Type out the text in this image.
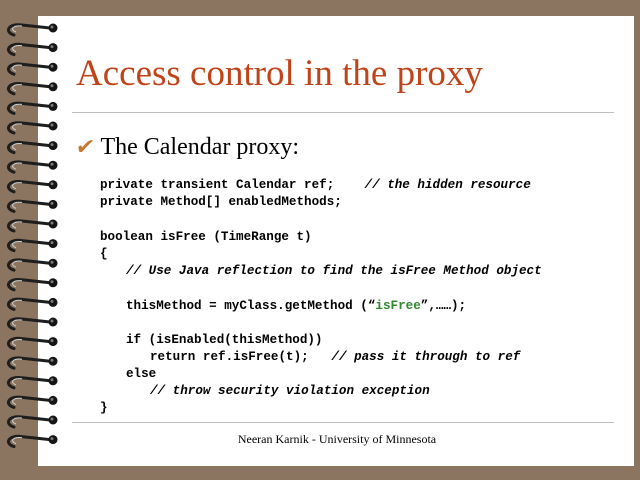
Access control in the proxy
✔ The Calendar proxy:
private transient Calendar ref;    // the hidden resource
private Method[] enabledMethods;
boolean isFree (TimeRange t)
{
// Use Java reflection to find the isFree Method object
thisMethod = myClass.getMethod (“isFree”,……);
if (isEnabled(thisMethod))
return ref.isFree(t);   // pass it through to ref
else
// throw security violation exception
}
Neeran Karnik - University of Minnesota
